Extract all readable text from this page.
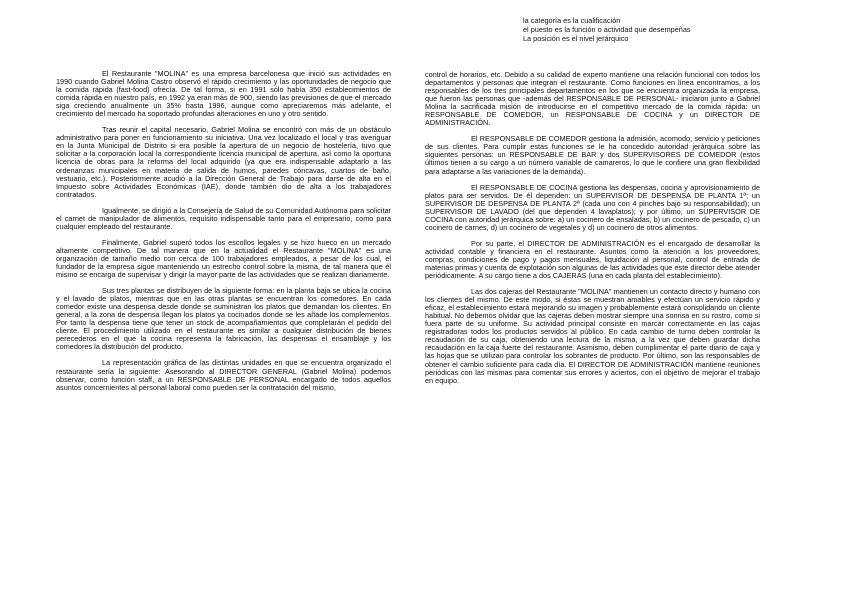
la categoría es la cualificación
el puesto es la función o actividad que desempeñas
La posición es el nivel jerárquico

El Restaurante "MOLINA" es una empresa barcelonesa que inició sus actividades en 1990 cuando Gabriel Molina Castro observó el rápido crecimiento y las oportunidades de negocio que la comida rápida (fast-food) ofrecía. De tal forma, si en 1991 sólo había 350 establecimientos de comida rápida en nuestro país, en 1992 ya eran más de 900, siendo las previsiones de que el mercado siga creciendo anualmente un 35% hasta 1996, aunque como apreciaremos más adelante, el crecimiento del mercado ha soportado profundas alteraciones en uno y otro sentido.

Tras reunir el capital necesario, Gabriel Molina se encontró con más de un obstáculo administrativo para poner en funcionamiento su iniciativa. Una vez localizado el local y tras averiguar en la Junta Municipal de Distrito si era posible la apertura de un negocio de hostelería, tuvo que solicitar a la corporación local la correspondiente licencia municipal de apertura, así como la oportuna licencia de obras para la reforma del local adquirido (ya que era indispensable adaptarlo a las ordenanzas municipales en materia de salida de humos, paredes cóncavas, cuartos de baño, vestuario, etc.). Posteriormente acudió a la Dirección General de Trabajo para darse de alta en el Impuesto sobre Actividades Económicas (IAE), donde también dio de alta a los trabajadores contratados.

Igualmente, se dirigió a la Consejería de Salud de su Comunidad Autónoma para solicitar el carnet de manipulador de alimentos, requisito indispensable tanto para el empresario, como para cualquier empleado del restaurante.

Finalmente, Gabriel superó todos los escollos legales y se hizo hueco en un mercado altamente competitivo. De tal manera que en la actualidad el Restaurante "MOLINA" es una organización de tamaño medio con cerca de 100 trabajadores empleados, a pesar de los cual, el fundador de la empresa sigue manteniendo un estrecho control sobre la misma, de tal manera que él mismo se encarga de supervisar y dirigir la mayor parte de las actividades que se realizan diariamente.

Sus tres plantas se distribuyen de la siguiente forma: en la planta baja se ubica la cocina y el lavado de platos, mientras que en las otras plantas se encuentran los comedores. En cada comedor existe una despensa desde donde se suministran los platos que demandan los clientes. En general, a la zona de despensa llegan los platos ya cocinados donde se les añade los complementos. Por tanto la despensa tiene que tener un stock de acompañamientos que completarán el pedido del cliente. El procedimiento utilizado en el restaurante es similar a cualquier distribución de bienes perecederos en el que la cocina representa la fabricación, las despensas el ensamblaje y los comedores la distribución del producto.

La representación gráfica de las distintas unidades en que se encuentra organizado el restaurante sería la siguiente: Asesorando al DIRECTOR GENERAL (Gabriel Molina) podemos observar, como función staff, a un RESPONSABLE DE PERSONAL encargado de todos aquellos asuntos concernientes al personal laboral como pueden ser la contratación del mismo,

control de horarios, etc. Debido a su calidad de experto mantiene una relación funcional con todos los departamentos y personas que integran el restaurante. Como funciones en línea encontramos, a los responsables de los tres principales departamentos en los que se encuentra organizada la empresa, que fueron las personas que -además del RESPONSABLE DE PERSONAL- iniciaron junto a Gabriel Molina la sacrificada misión de introducirse en el competitivo mercado de la comida rápida: un RESPONSABLE DE COMEDOR, un RESPONSABLE DE COCINA y un DIRECTOR DE ADMINISTRACIÓN.

El RESPONSABLE DE COMEDOR gestiona la admisión, acomodo, servicio y peticiones de sus clientes. Para cumplir estas funciones se le ha concedido autoridad jerárquica sobre las siguientes personas: un RESPONSABLE DE BAR y dos SUPERVISORES DE COMEDOR (estos últimos tienen a su cargo a un número variable de camareros, lo que le confiere una gran flexibilidad para adaptarse a las variaciones de la demanda).

El RESPONSABLE DE COCINA gestiona las despensas, cocina y aprovisionamiento de platos para ser servidos. De él dependen: un SUPERVISOR DE DESPENSA DE PLANTA 1ª; un SUPERVISOR DE DESPENSA DE PLANTA 2ª (cada uno con 4 pinches bajo su responsabilidad); un SUPERVISOR DE LAVADO (del que dependen 4 lavaplatos); y por último, un SUPERVISOR DE COCINA con autoridad jerárquica sobre: a) un cocinero de ensaladas, b) un cocinero de pescado, c) un cocinero de carnes, d) un cocinero de vegetales y d) un cocinero de otros alimentos.

Por su parte, el DIRECTOR DE ADMINISTRACIÓN es el encargado de desarrollar la actividad contable y financiera en el restaurante. Asuntos como la atención a los proveedores, compras, condiciones de pago y pagos mensuales, liquidación al personal, control de entrada de materias primas y cuenta de explotación son algunas de las actividades que este director debe atender periódicamente. A su cargo tiene a dos CAJERAS (una en cada planta del establecimiento).

Las dos cajeras del Restaurante "MOLINA" mantienen un contacto directo y humano con los clientes del mismo. De este modo, si éstas se muestran amables y efectúan un servicio rápido y eficaz, el establecimiento estará mejorando su imagen y probablemente estará consolidando un cliente habitual. No debemos olvidar que las cajeras deben mostrar siempre una sonrisa en su rostro, como si fuera parte de su uniforme. Su actividad principal consiste en marcar correctamente en las cajas registradoras todos los productos servidos al público. En cada cambio de turno deben controlar la recaudación de su caja, obteniendo una lectura de la misma, a la vez que deben guardar dicha recaudación en la caja fuerte del restaurante. Asimismo, deben cumplimentar el parte diario de caja y las hojas que se utilizan para controlar los sobrantes de producto. Por último, son las responsables de obtener el cambio suficiente para cada día. El DIRECTOR DE ADMINISTRACIÓN mantiene reuniones periódicas con las mismas para comentar sus errores y aciertos, con el objetivo de mejorar el trabajo en equipo.
